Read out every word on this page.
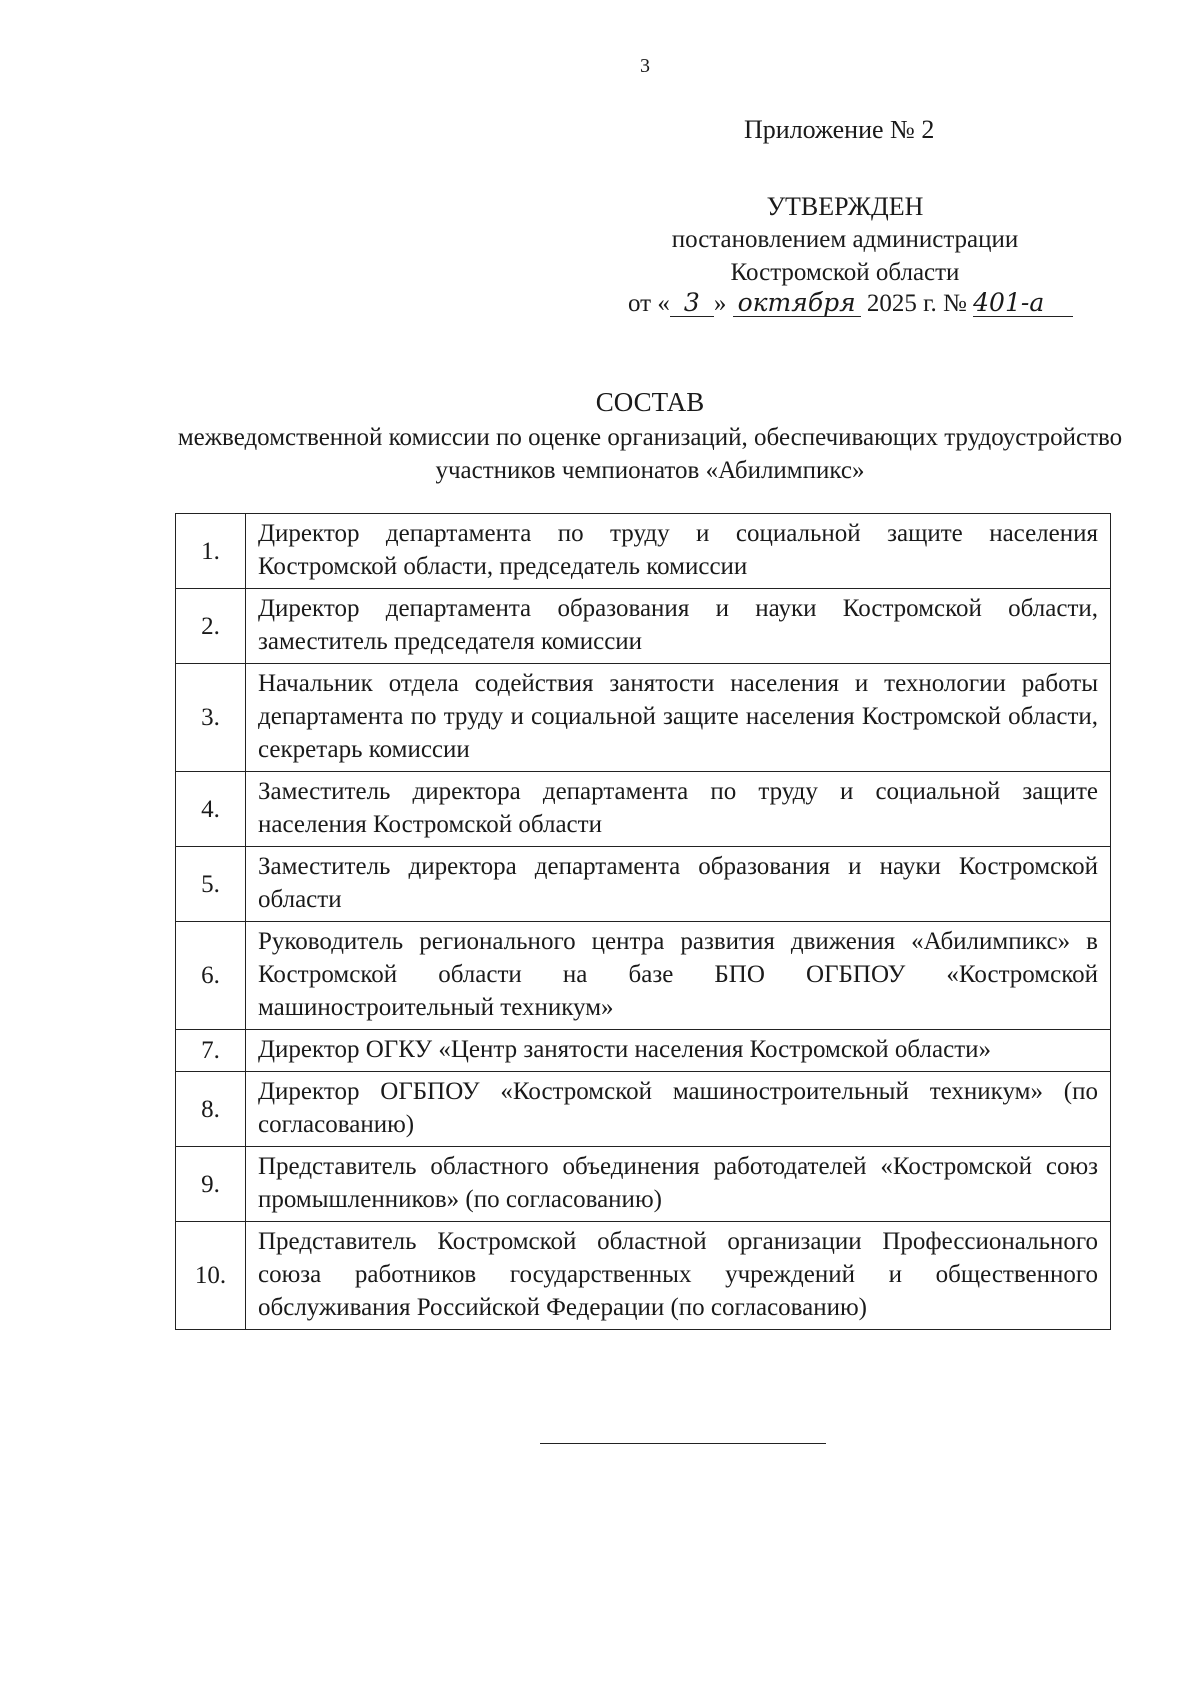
3
Приложение № 2
УТВЕРЖДЕН
постановлением администрации
Костромской области
от « 3 » октября 2025 г. № 401-а
СОСТАВ
межведомственной комиссии по оценке организаций, обеспечивающих трудоустройство участников чемпионатов «Абилимпикс»
1.	Директор департамента по труду и социальной защите населения Костромской области, председатель комиссии
2.	Директор департамента образования и науки Костромской области, заместитель председателя комиссии
3.	Начальник отдела содействия занятости населения и технологии работы департамента по труду и социальной защите населения Костромской области, секретарь комиссии
4.	Заместитель директора департамента по труду и социальной защите населения Костромской области
5.	Заместитель директора департамента образования и науки Костромской области
6.	Руководитель регионального центра развития движения «Абилимпикс» в Костромской области на базе БПО ОГБПОУ «Костромской машиностроительный техникум»
7.	Директор ОГКУ «Центр занятости населения Костромской области»
8.	Директор ОГБПОУ «Костромской машиностроительный техникум» (по согласованию)
9.	Представитель областного объединения работодателей «Костромской союз промышленников» (по согласованию)
10.	Представитель Костромской областной организации Профессионального союза работников государственных учреждений и общественного обслуживания Российской Федерации (по согласованию)
